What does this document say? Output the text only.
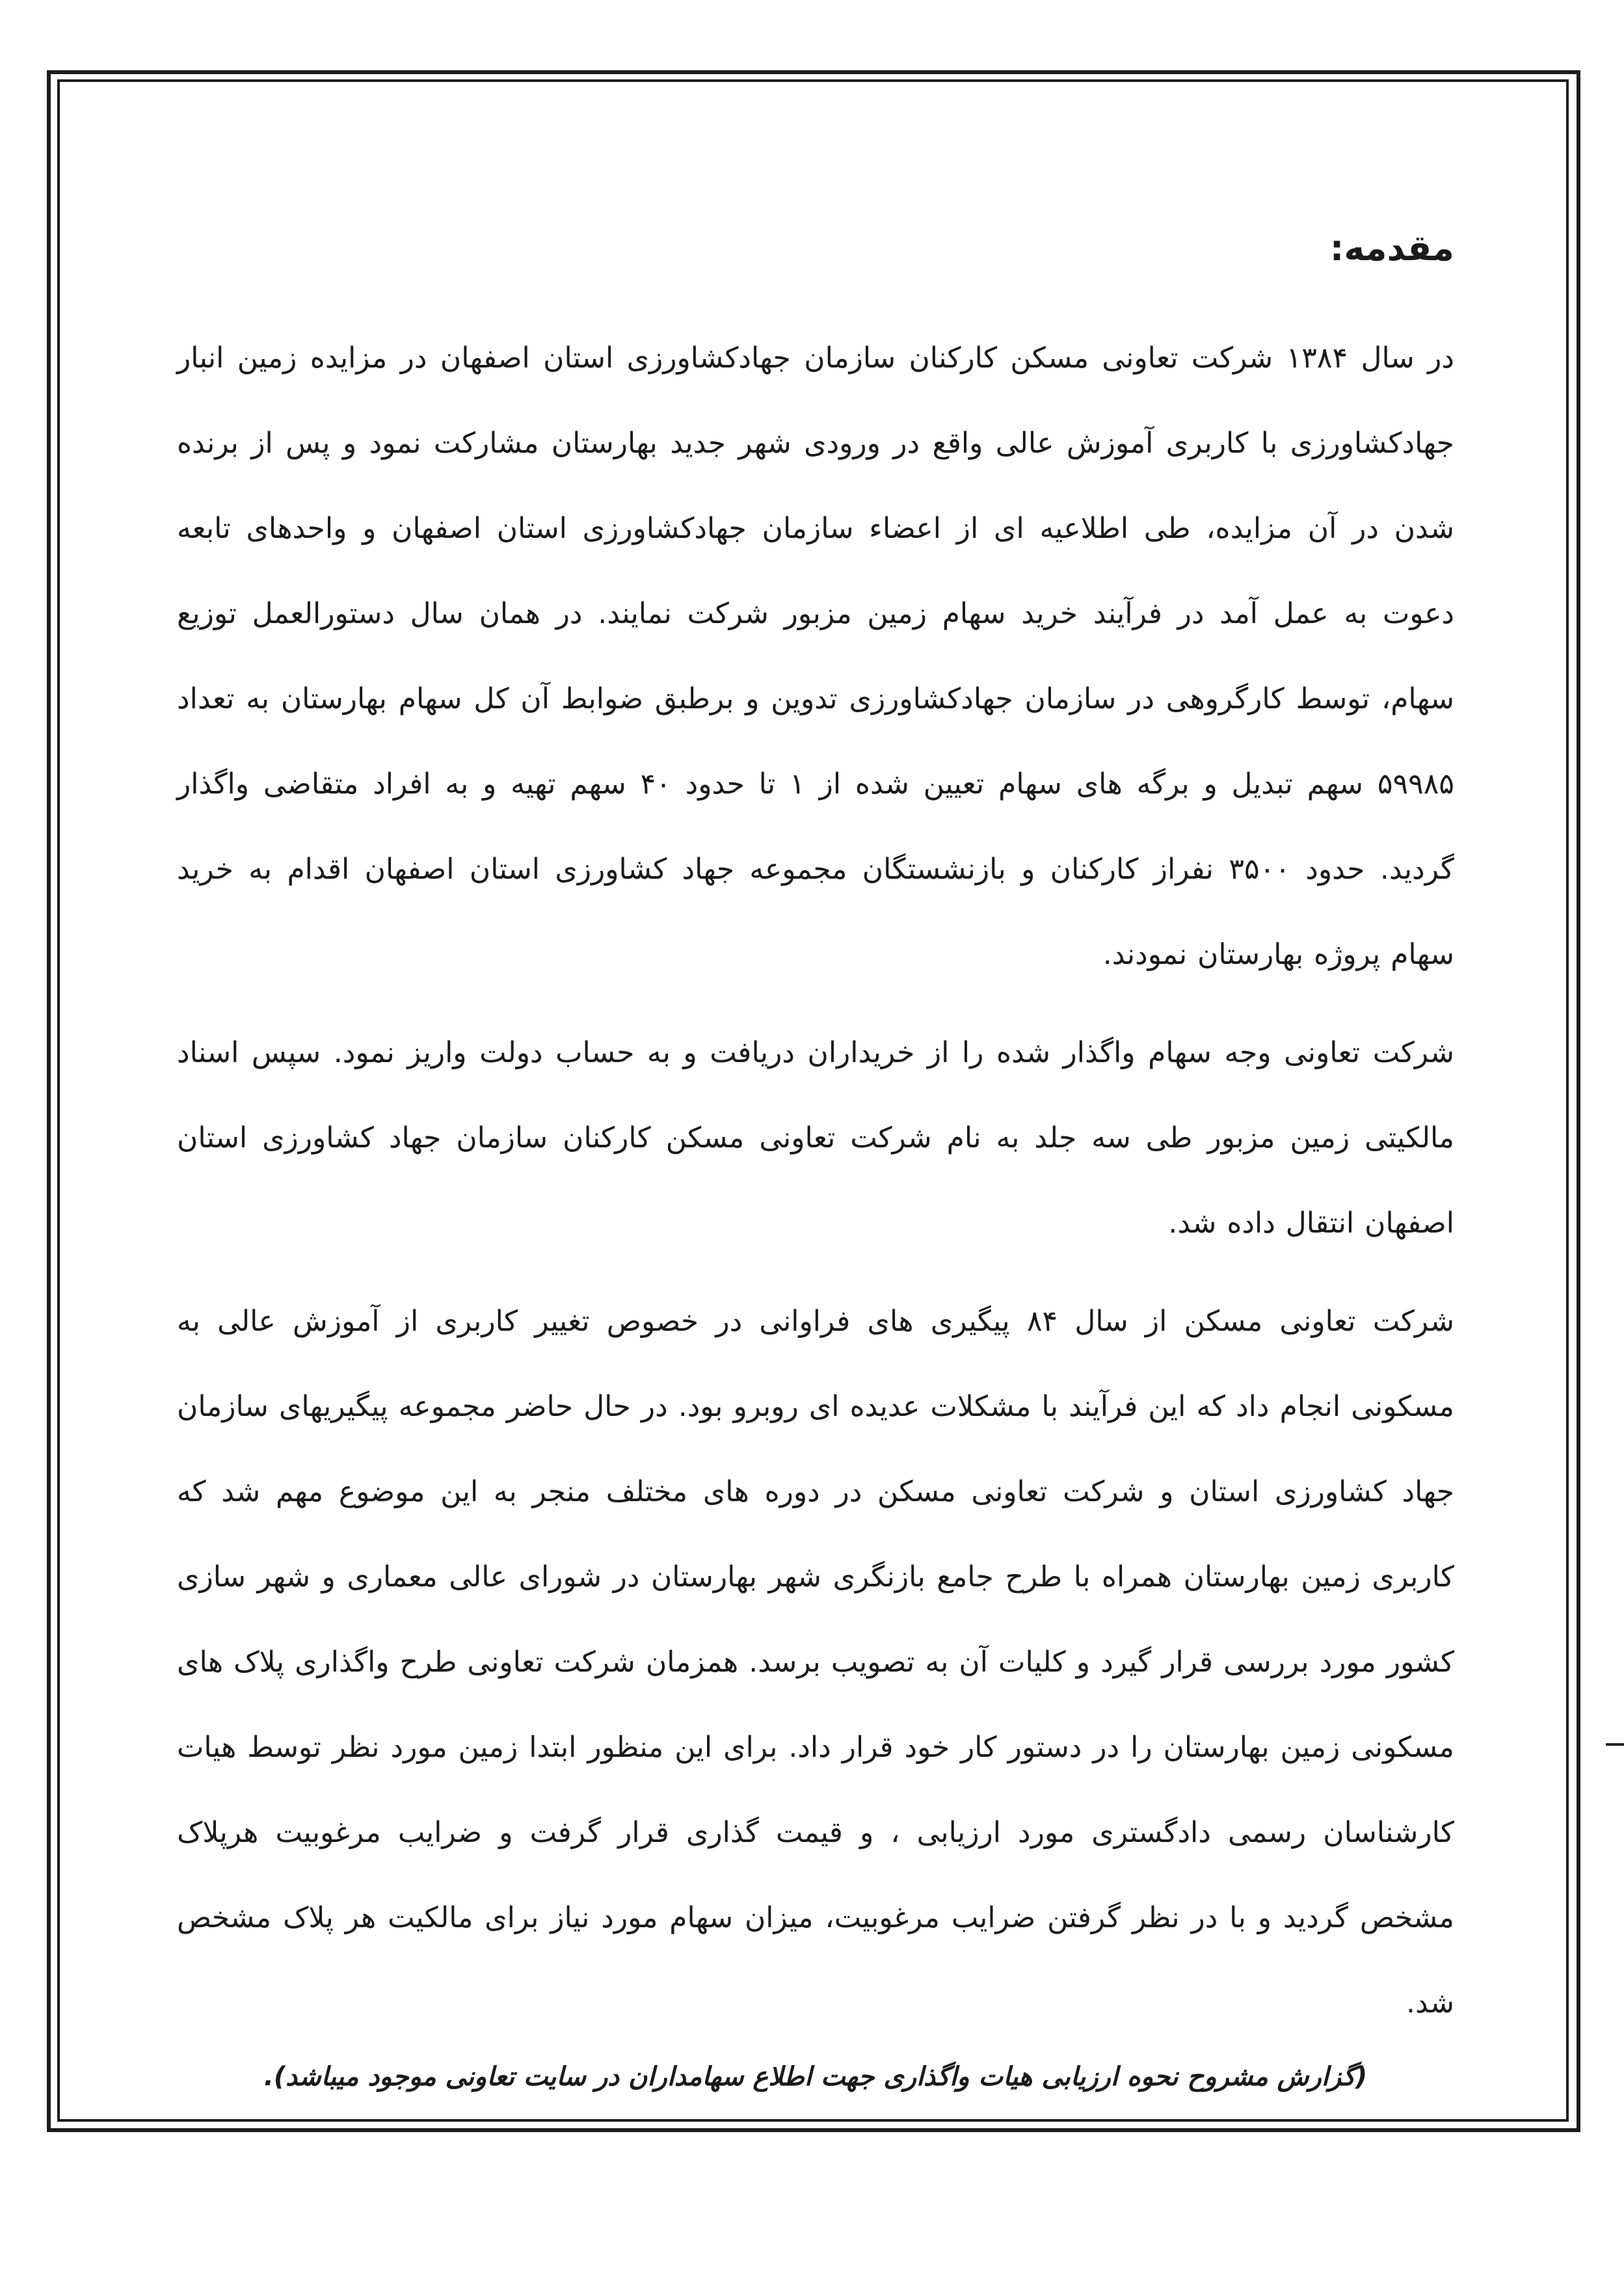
مقدمه:

در سال ۱۳۸۴ شرکت تعاونی مسکن کارکنان سازمان جهادکشاورزی استان اصفهان در مزایده زمین انبار جهادکشاورزی با کاربری آموزش عالی واقع در ورودی شهر جدید بهارستان مشارکت نمود و پس از برنده شدن در آن مزایده، طی اطلاعیه ای از اعضاء سازمان جهادکشاورزی استان اصفهان و واحدهای تابعه دعوت به عمل آمد در فرآیند خرید سهام زمین مزبور شرکت نمایند. در همان سال دستورالعمل توزیع سهام، توسط کارگروهی در سازمان جهادکشاورزی تدوین و برطبق ضوابط آن کل سهام بهارستان به تعداد ۵۹۹۸۵ سهم تبدیل و برگه های سهام تعیین شده از ۱ تا حدود ۴۰ سهم تهیه و به افراد متقاضی واگذار گردید. حدود ۳۵۰۰ نفراز کارکنان و بازنشستگان مجموعه جهاد کشاورزی استان اصفهان اقدام به خرید سهام پروژه بهارستان نمودند.

شرکت تعاونی وجه سهام واگذار شده را از خریداران دریافت و به حساب دولت واریز نمود. سپس اسناد مالکیتی زمین مزبور طی سه جلد به نام شرکت تعاونی مسکن کارکنان سازمان جهاد کشاورزی استان اصفهان انتقال داده شد.

شرکت تعاونی مسکن از سال ۸۴ پیگیری های فراوانی در خصوص تغییر کاربری از آموزش عالی به مسکونی انجام داد که این فرآیند با مشکلات عدیده ای روبرو بود. در حال حاضر مجموعه پیگیریهای سازمان جهاد کشاورزی استان و شرکت تعاونی مسکن در دوره های مختلف منجر به این موضوع مهم شد که کاربری زمین بهارستان همراه با طرح جامع بازنگری شهر بهارستان در شورای عالی معماری و شهر سازی کشور مورد بررسی قرار گیرد و کلیات آن به تصویب برسد. همزمان شرکت تعاونی طرح واگذاری پلاک های مسکونی زمین بهارستان را در دستور کار خود قرار داد. برای این منظور ابتدا زمین مورد نظر توسط هیات کارشناسان رسمی دادگستری مورد ارزیابی ، و قیمت گذاری قرار گرفت و ضرایب مرغوبیت هرپلاک مشخص گردید و با در نظر گرفتن ضرایب مرغوبیت، میزان سهام مورد نیاز برای مالکیت هر پلاک مشخص شد.

(گزارش مشروح نحوه ارزیابی هیات واگذاری جهت اطلاع سهامداران در سایت تعاونی موجود میباشد).
